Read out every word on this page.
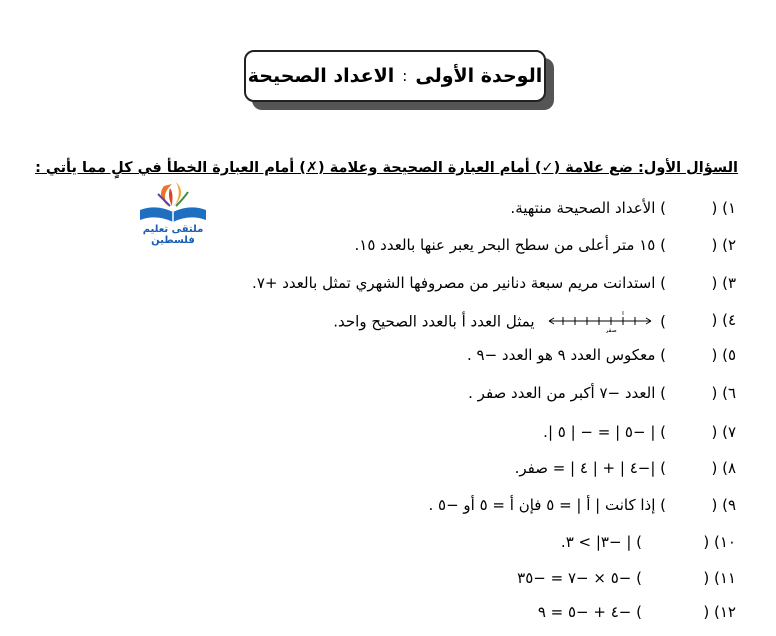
الوحدة الأولى
:
الاعداد الصحيحة
السؤال الأول: ضع علامة (✓) أمام العبارة الصحيحة وعلامة (✗) أمام العبارة الخطأ في كلٍ مما يأتي :
ملتقى تعليم فلسطين
١) (
) الأعداد الصحيحة منتهية.
٢) (
) ١٥ متر أعلى من سطح البحر يعبر عنها بالعدد ١٥.
٣) (
) استدانت مريم سبعة دنانير من مصروفها الشهري تمثل بالعدد +٧.
٤) (
)
أ
صفر
يمثل العدد أ بالعدد الصحيح واحد.
٥) (
) معكوس العدد ٩ هو العدد −٩ .
٦) (
) العدد −٧ أكبر من العدد صفر .
٧) (
) | −٥ | = − | ٥ |.
٨) (
) |−٤ | + | ٤ | = صفر.
٩) (
) إذا كانت | أ | = ٥ فإن أ = ٥ أو −٥ .
١٠) (
) | −٣| > ٣.
١١) (
) −٥ × −٧ = −٣٥
١٢) (
) −٤ + −٥ = ٩
